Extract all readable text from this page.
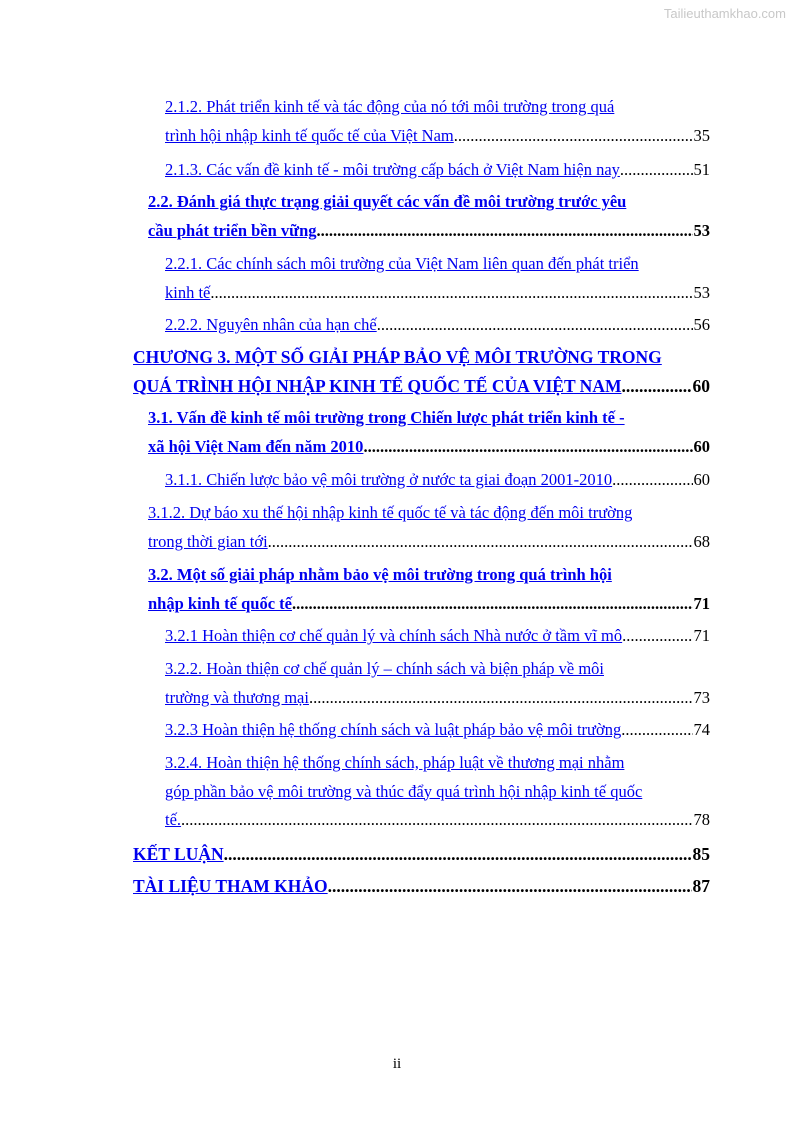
Tailieuthamkhao.com
2.1.2. Phát triển kinh tế và tác động của nó tới môi trường trong quá
trình hội nhập kinh tế quốc tế của Việt Nam .....	35
2.1.3. Các vấn đề kinh tế - môi trường cấp bách ở Việt Nam hiện nay .....	51
2.2. Đánh giá thực trạng giải quyết các vấn đề môi trường trước yêu
cầu phát triển bền vững .....	53
2.2.1. Các chính sách môi trường của Việt Nam liên quan đến phát triển
kinh tế .....	53
2.2.2. Nguyên nhân của hạn chế .....	56
CHƯƠNG 3. MỘT SỐ GIẢI PHÁP BẢO VỆ MÔI TRƯỜNG TRONG
QUÁ TRÌNH HỘI NHẬP KINH TẾ QUỐC TẾ CỦA VIỆT NAM .....	60
3.1. Vấn đề kinh tế môi trường trong Chiến lược phát triển kinh tế -
xã hội Việt Nam đến năm 2010 .....	60
3.1.1. Chiến lược bảo vệ môi trường ở nước ta giai đoạn 2001-2010 .....	60
3.1.2. Dự báo xu thế hội nhập kinh tế quốc tế và tác động đến môi trường
trong thời gian tới .....	68
3.2. Một số giải pháp nhằm bảo vệ môi trường trong quá trình hội
nhập kinh tế quốc tế .....	71
3.2.1 Hoàn thiện cơ chế quản lý và chính sách Nhà nước ở tầm vĩ mô .....	71
3.2.2. Hoàn thiện cơ chế quản lý – chính sách và biện pháp về môi
trường và thương mại .....	73
3.2.3 Hoàn thiện hệ thống chính sách và luật pháp bảo vệ môi trường .....	74
3.2.4. Hoàn thiện hệ thống chính sách, pháp luật về thương mại nhằm
góp phần bảo vệ môi trường và thúc đẩy quá trình hội nhập kinh tế quốc
tế. .....	78
KẾT LUẬN .....	85
TÀI LIỆU THAM KHẢO .....	87
ii
